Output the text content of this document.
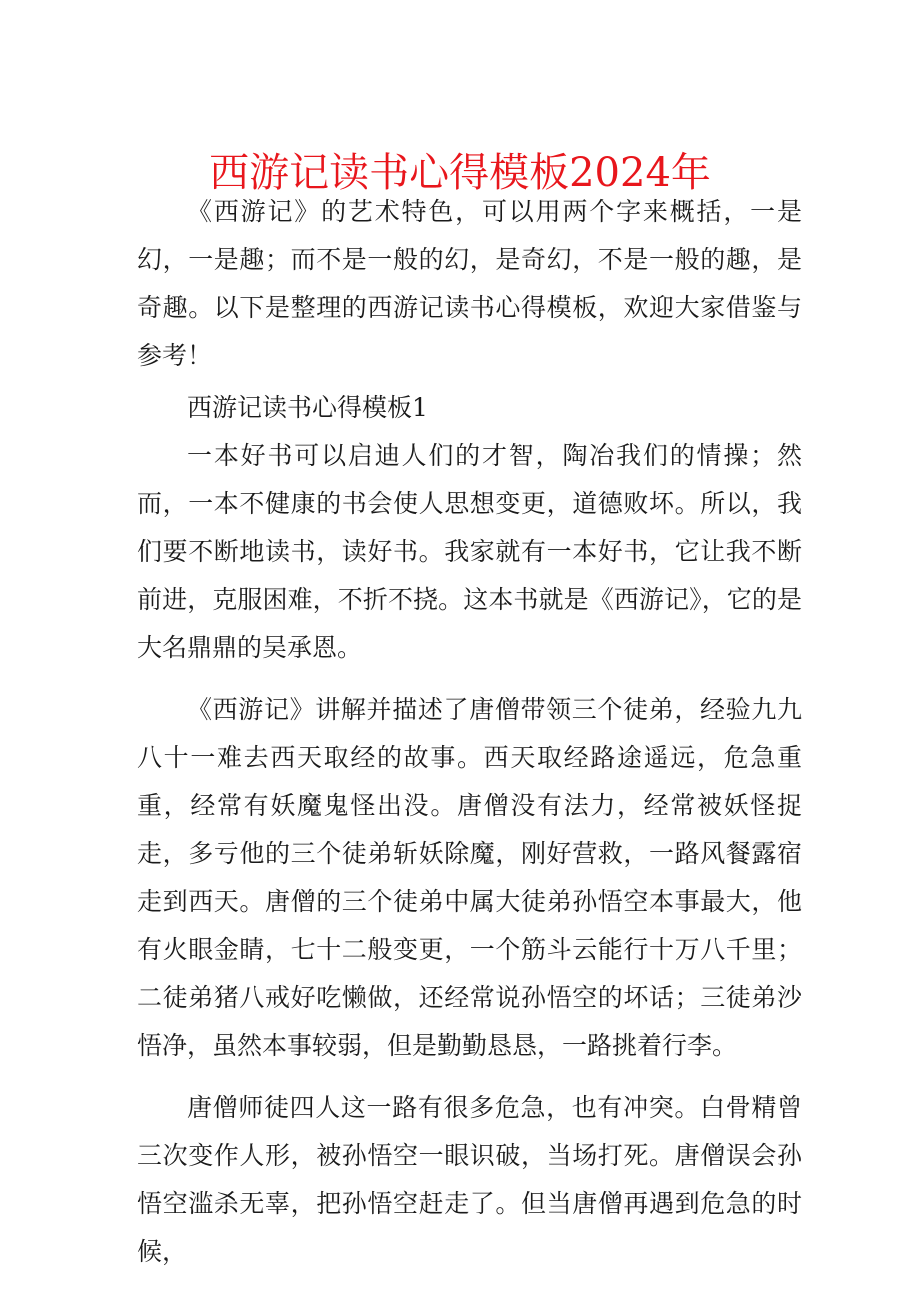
西游记读书心得模板2024年

《西游记》的艺术特色，可以用两个字来概括，一是幻，一是趣；而不是一般的幻，是奇幻，不是一般的趣，是奇趣。以下是整理的西游记读书心得模板，欢迎大家借鉴与参考！

西游记读书心得模板1

一本好书可以启迪人们的才智，陶冶我们的情操；然而，一本不健康的书会使人思想变更，道德败坏。所以，我们要不断地读书，读好书。我家就有一本好书，它让我不断前进，克服困难，不折不挠。这本书就是《西游记》，它的是大名鼎鼎的吴承恩。

《西游记》讲解并描述了唐僧带领三个徒弟，经验九九八十一难去西天取经的故事。西天取经路途遥远，危急重重，经常有妖魔鬼怪出没。唐僧没有法力，经常被妖怪捉走，多亏他的三个徒弟斩妖除魔，刚好营救，一路风餐露宿走到西天。唐僧的三个徒弟中属大徒弟孙悟空本事最大，他有火眼金睛，七十二般变更，一个筋斗云能行十万八千里；二徒弟猪八戒好吃懒做，还经常说孙悟空的坏话；三徒弟沙悟净，虽然本事较弱，但是勤勤恳恳，一路挑着行李。

唐僧师徒四人这一路有很多危急，也有冲突。白骨精曾三次变作人形，被孙悟空一眼识破，当场打死。唐僧误会孙悟空滥杀无辜，把孙悟空赶走了。但当唐僧再遇到危急的时候，
